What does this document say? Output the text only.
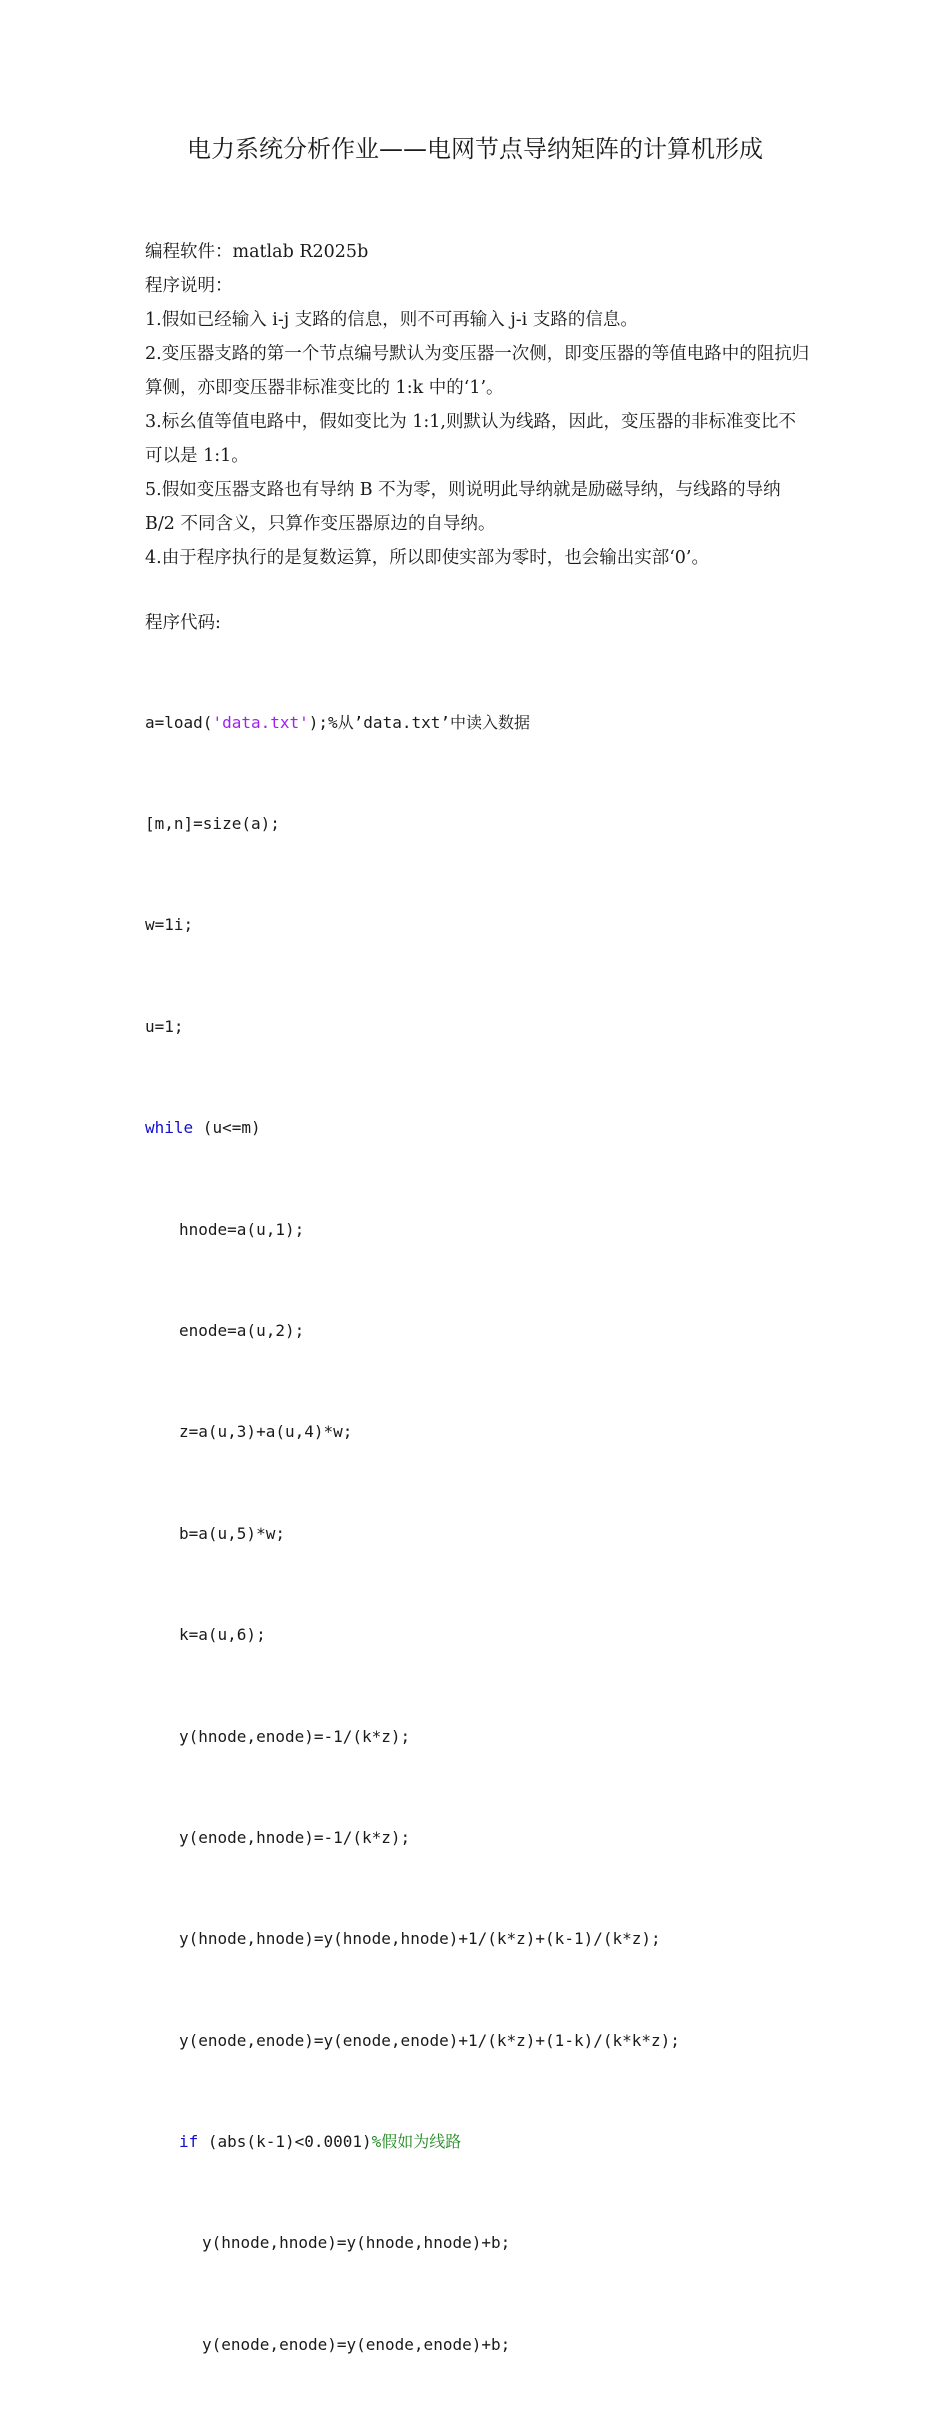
电力系统分析作业——电网节点导纳矩阵的计算机形成
编程软件：matlab R2025b
程序说明：
1.假如已经输入 i-j 支路的信息，则不可再输入 j-i 支路的信息。
2.变压器支路的第一个节点编号默认为变压器一次侧，即变压器的等值电路中的阻抗归算侧，亦即变压器非标准变比的 1:k 中的‘1’。
3.标幺值等值电路中，假如变比为 1:1,则默认为线路，因此，变压器的非标准变比不可以是 1:1。
5.假如变压器支路也有导纳 B 不为零，则说明此导纳就是励磁导纳，与线路的导纳 B/2 不同含义，只算作变压器原边的自导纳。
4.由于程序执行的是复数运算，所以即使实部为零时，也会输出实部‘0’。
程序代码:

a=load('data.txt');%从’data.txt’中读入数据

[m,n]=size(a);

w=1i;

u=1;

while (u<=m)

hnode=a(u,1);

enode=a(u,2);

z=a(u,3)+a(u,4)*w;

b=a(u,5)*w;

k=a(u,6);

y(hnode,enode)=-1/(k*z);

y(enode,hnode)=-1/(k*z);

y(hnode,hnode)=y(hnode,hnode)+1/(k*z)+(k-1)/(k*z);

y(enode,enode)=y(enode,enode)+1/(k*z)+(1-k)/(k*k*z);

if (abs(k-1)<0.0001)%假如为线路

y(hnode,hnode)=y(hnode,hnode)+b;

y(enode,enode)=y(enode,enode)+b;
